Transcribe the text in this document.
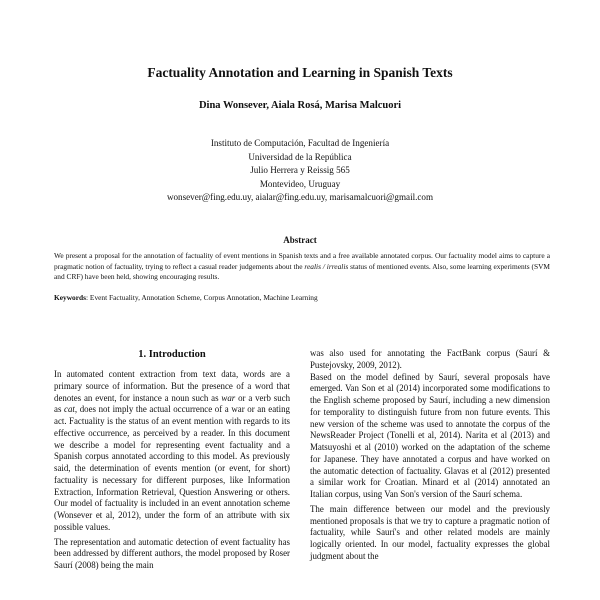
Factuality Annotation and Learning in Spanish Texts
Dina Wonsever, Aiala Rosá, Marisa Malcuori
Instituto de Computación, Facultad de Ingeniería
Universidad de la República
Julio Herrera y Reissig 565
Montevideo, Uruguay
wonsever@fing.edu.uy, aialar@fing.edu.uy, marisamalcuori@gmail.com
Abstract
We present a proposal for the annotation of factuality of event mentions in Spanish texts and a free available annotated corpus. Our factuality model aims to capture a pragmatic notion of factuality, trying to reflect a casual reader judgements about the realis / irrealis status of mentioned events. Also, some learning experiments (SVM and CRF) have been held, showing encouraging results.
Keywords: Event Factuality, Annotation Scheme, Corpus Annotation, Machine Learning
1. Introduction

In automated content extraction from text data, words are a primary source of information. But the presence of a word that denotes an event, for instance a noun such as war or a verb such as cat, does not imply the actual occurrence of a war or an eating act. Factuality is the status of an event mention with regards to its effective occurrence, as perceived by a reader. In this document we describe a model for representing event factuality and a Spanish corpus annotated according to this model. As previously said, the determination of events mention (or event, for short) factuality is necessary for different purposes, like Information Extraction, Information Retrieval, Question Answering or others. Our model of factuality is included in an event annotation scheme (Wonsever et al, 2012), under the form of an attribute with six possible values.

The representation and automatic detection of event factuality has been addressed by different authors, the model proposed by Roser Saurí (2008) being the main

was also used for annotating the FactBank corpus (Saurí & Pustejovsky, 2009, 2012).

Based on the model defined by Saurí, several proposals have emerged. Van Son et al (2014) incorporated some modifications to the English scheme proposed by Saurí, including a new dimension for temporality to distinguish future from non future events. This new version of the scheme was used to annotate the corpus of the NewsReader Project (Tonelli et al, 2014). Narita et al (2013) and Matsuyoshi et al (2010) worked on the adaptation of the scheme for Japanese. They have annotated a corpus and have worked on the automatic detection of factuality. Glavas et al (2012) presented a similar work for Croatian. Minard et al (2014) annotated an Italian corpus, using Van Son's version of the Saurí schema.

The main difference between our model and the previously mentioned proposals is that we try to capture a pragmatic notion of factuality, while Saurí's and other related models are mainly logically oriented. In our model, factuality expresses the global judgment about the
